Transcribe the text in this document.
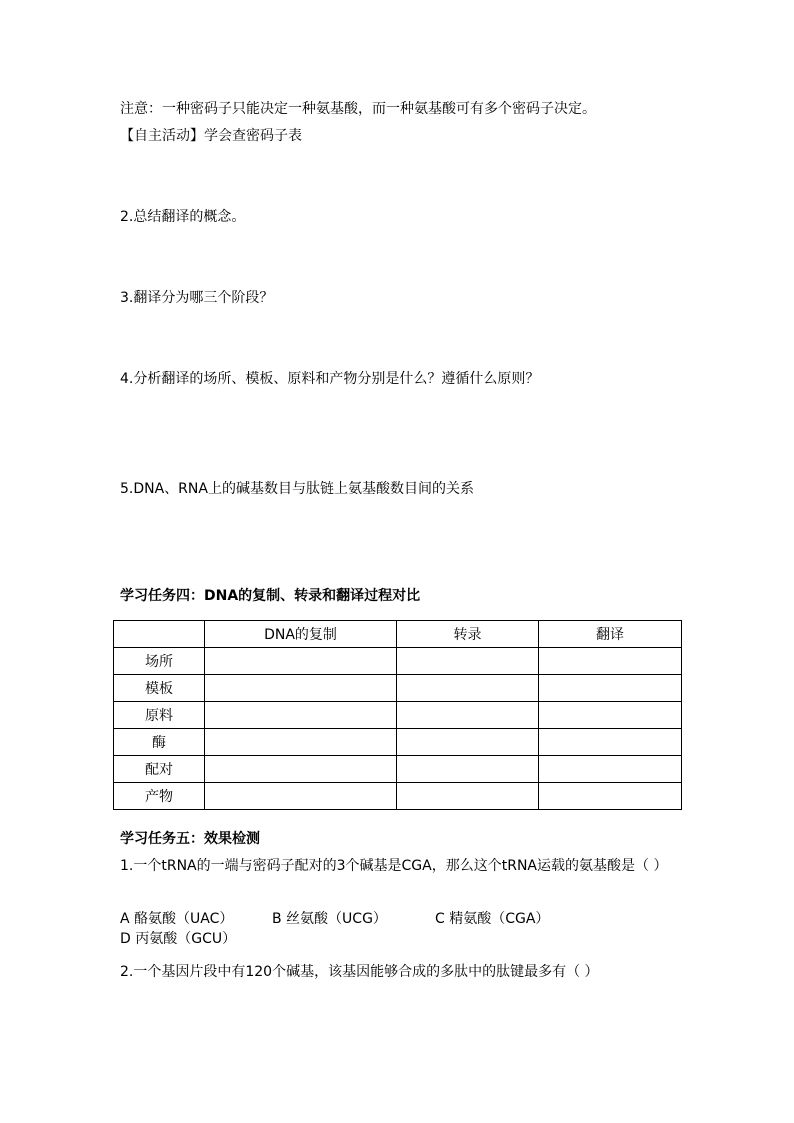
注意：一种密码子只能决定一种氨基酸，而一种氨基酸可有多个密码子决定。
【自主活动】学会查密码子表
2.总结翻译的概念。
3.翻译分为哪三个阶段？
4.分析翻译的场所、模板、原料和产物分别是什么？遵循什么原则？
5.DNA、RNA上的碱基数目与肽链上氨基酸数目间的关系
学习任务四：DNA的复制、转录和翻译过程对比
	DNA的复制	转录	翻译
场所			
模板			
原料			
酶			
配对			
产物			
学习任务五：效果检测
1.一个tRNA的一端与密码子配对的3个碱基是CGA，那么这个tRNA运载的氨基酸是（ ）
A 酪氨酸（UAC）	B 丝氨酸（UCG）	C 精氨酸（CGA）D 丙氨酸（GCU）
2.一个基因片段中有120个碱基，该基因能够合成的多肽中的肽键最多有（ ）
